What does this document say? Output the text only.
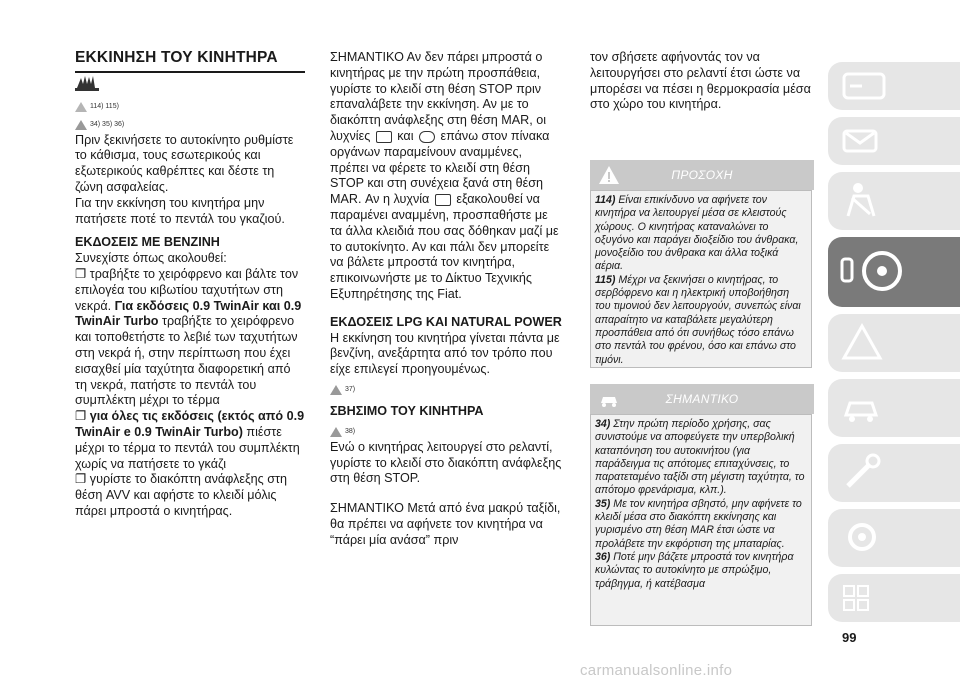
ΕΚΚΙΝΗΣΗ ΤΟΥ ΚΙΝΗΤΗΡΑ
114) 115)
34) 35) 36)

Πριν ξεκινήσετε το αυτοκίνητο ρυθμίστε το κάθισμα, τους εσωτερικούς και εξωτερικούς καθρέπτες και δέστε τη ζώνη ασφαλείας.

Για την εκκίνηση του κινητήρα μην πατήσετε ποτέ το πεντάλ του γκαζιού.

ΕΚΔΟΣΕΙΣ ΜΕ ΒΕΝΖΙΝΗ

Συνεχίστε όπως ακολουθεί:

❐ τραβήξτε το χειρόφρενο και βάλτε τον επιλογέα του κιβωτίου ταχυτήτων στη νεκρά. Για εκδόσεις 0.9 TwinAir και 0.9 TwinAir Turbo τραβήξτε το χειρόφρενο και τοποθετήστε το λεβιέ των ταχυτήτων στη νεκρά ή, στην περίπτωση που έχει εισαχθεί μία ταχύτητα διαφορετική από τη νεκρά, πατήστε το πεντάλ του συμπλέκτη μέχρι το τέρμα

❐ για όλες τις εκδόσεις (εκτός από 0.9 TwinAir e 0.9 TwinAir Turbo) πιέστε μέχρι το τέρμα το πεντάλ του συμπλέκτη χωρίς να πατήσετε το γκάζι

❐ γυρίστε το διακόπτη ανάφλεξης στη θέση AVV και αφήστε το κλειδί μόλις πάρει μπροστά ο κινητήρας.

ΣΗΜΑΝΤΙΚΟ Αν δεν πάρει μπροστά ο κινητήρας με την πρώτη προσπάθεια, γυρίστε το κλειδί στη θέση STOP πριν επαναλάβετε την εκκίνηση. Αν με το διακόπτη ανάφλεξης στη θέση MAR, οι λυχνίες και επάνω στον πίνακα οργάνων παραμείνουν αναμμένες, πρέπει να φέρετε το κλειδί στη θέση STOP και στη συνέχεια ξανά στη θέση MAR. Αν η λυχνία εξακολουθεί να παραμένει αναμμένη, προσπαθήστε με τα άλλα κλειδιά που σας δόθηκαν μαζί με το αυτοκίνητο. Αν και πάλι δεν μπορείτε να βάλετε μπροστά τον κινητήρα, επικοινωνήστε με το Δίκτυο Τεχνικής Εξυπηρέτησης της Fiat.

ΕΚΔΟΣΕΙΣ LPG ΚΑΙ NATURAL POWER

Η εκκίνηση του κινητήρα γίνεται πάντα με βενζίνη, ανεξάρτητα από τον τρόπο που είχε επιλεγεί προηγουμένως.

37)
ΣΒΗΣΙΜΟ ΤΟΥ ΚΙΝΗΤΗΡΑ
38)

Ενώ ο κινητήρας λειτουργεί στο ρελαντί, γυρίστε το κλειδί στο διακόπτη ανάφλεξης στη θέση STOP.

ΣΗΜΑΝΤΙΚΟ Μετά από ένα μακρύ ταξίδι, θα πρέπει να αφήνετε τον κινητήρα να “πάρει μία ανάσα” πριν

τον σβήσετε αφήνοντάς τον να λειτουργήσει στο ρελαντί έτσι ώστε να μπορέσει να πέσει η θερμοκρασία μέσα στο χώρο του κινητήρα.

ΠΡΟΣΟΧΗ

114) Είναι επικίνδυνο να αφήνετε τον κινητήρα να λειτουργεί μέσα σε κλειστούς χώρους. Ο κινητήρας καταναλώνει το οξυγόνο και παράγει διοξείδιο του άνθρακα, μονοξείδιο του άνθρακα και άλλα τοξικά αέρια.

115) Μέχρι να ξεκινήσει ο κινητήρας, το σερβόφρενο και η ηλεκτρική υποβοήθηση του τιμονιού δεν λειτουργούν, συνεπώς είναι απαραίτητο να καταβάλετε μεγαλύτερη προσπάθεια από ότι συνήθως τόσο επάνω στο πεντάλ του φρένου, όσο και επάνω στο τιμόνι.

ΣΗΜΑΝΤΙΚΟ

34) Στην πρώτη περίοδο χρήσης, σας συνιστούμε να αποφεύγετε την υπερβολική καταπόνηση του αυτοκινήτου (για παράδειγμα τις απότομες επιταχύνσεις, το παρατεταμένο ταξίδι στη μέγιστη ταχύτητα, το απότομο φρενάρισμα, κλπ.).

35) Με τον κινητήρα σβηστό, μην αφήνετε το κλειδί μέσα στο διακόπτη εκκίνησης και γυρισμένο στη θέση MAR έτσι ώστε να προλάβετε την εκφόρτιση της μπαταρίας.

36) Ποτέ μην βάζετε μπροστά τον κινητήρα κυλώντας το αυτοκίνητο με σπρώξιμο, τράβηγμα, ή κατέβασμα

99
carmanualsonline.info
